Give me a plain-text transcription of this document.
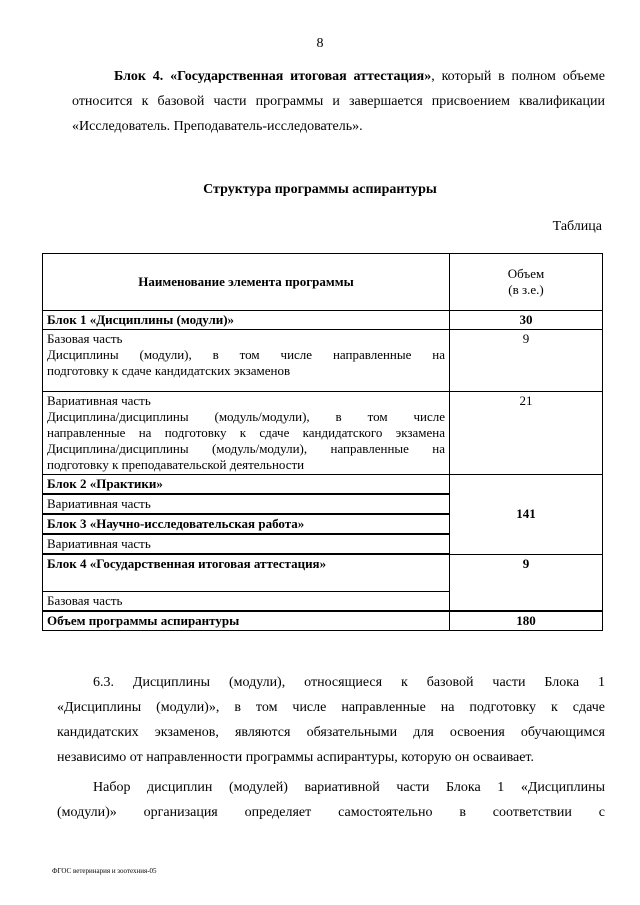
8
Блок 4. «Государственная итоговая аттестация», который в полном объеме
относится к базовой части программы и завершается присвоением квалификации
«Исследователь. Преподаватель-исследователь».
Структура программы аспирантуры
Таблица
Наименование элемента программы	Объем
(в з.е.)

Блок 1 «Дисциплины (модули)»	30

Базовая часть
Дисциплины (модули), в том числе направленные на
подготовку к сдаче кандидатских экзаменов	9

Вариативная часть
Дисциплина/дисциплины (модуль/модули), в том числе
направленные на подготовку к сдаче кандидатского экзамена
Дисциплина/дисциплины (модуль/модули), направленные на
подготовку к преподавательской деятельности	21
Блок 2 «Практики»	141
Вариативная часть	
Блок 3 «Научно-исследовательская работа»	
Вариативная часть	
Блок 4 «Государственная итоговая аттестация»	9
Базовая часть	
Объем программы аспирантуры	180
6.3. Дисциплины (модули), относящиеся к базовой части Блока 1
«Дисциплины (модули)», в том числе направленные на подготовку к сдаче
кандидатских экзаменов, являются обязательными для освоения обучающимся
независимо от направленности программы аспирантуры, которую он осваивает.
Набор дисциплин (модулей) вариативной части Блока 1 «Дисциплины
(модули)» организация определяет самостоятельно в соответствии с
ФГОС ветеринария и зоотехния-05
